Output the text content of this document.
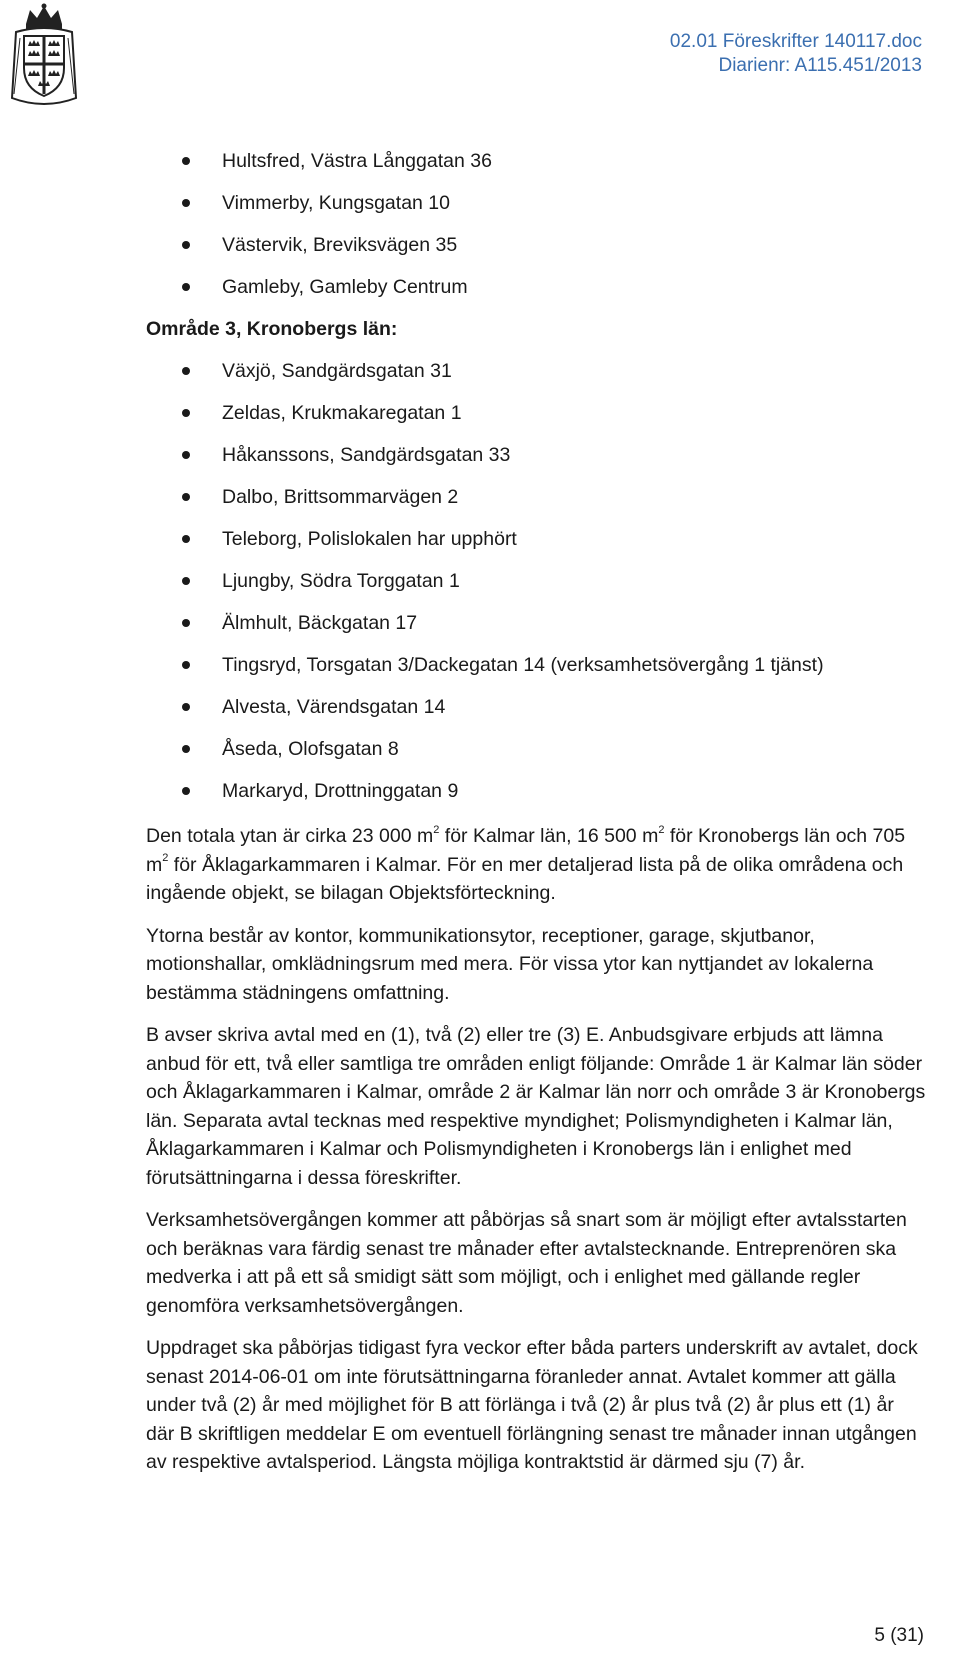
02.01 Föreskrifter 140117.doc
Diarienr: A115.451/2013
Hultsfred, Västra Långgatan 36
Vimmerby, Kungsgatan 10
Västervik, Breviksvägen 35
Gamleby, Gamleby Centrum
Område 3, Kronobergs län:
Växjö, Sandgärdsgatan 31
Zeldas, Krukmakaregatan 1
Håkanssons, Sandgärdsgatan 33
Dalbo, Brittsommarvägen 2
Teleborg, Polislokalen har upphört
Ljungby, Södra Torggatan 1
Älmhult, Bäckgatan 17
Tingsryd, Torsgatan 3/Dackegatan 14 (verksamhetsövergång 1 tjänst)
Alvesta, Värendsgatan 14
Åseda, Olofsgatan 8
Markaryd, Drottninggatan 9

Den totala ytan är cirka 23 000 $m^2$ för Kalmar län, 16 500 $m^2$ för Kronobergs län och 705 $m^2$ för Åklagarkammaren i Kalmar. För en mer detaljerad lista på de olika områdena och ingående objekt, se bilagan Objektsförteckning.

Ytorna består av kontor, kommunikationsytor, receptioner, garage, skjutbanor, motionshallar, omklädningsrum med mera. För vissa ytor kan nyttjandet av lokalerna bestämma städningens omfattning.

B avser skriva avtal med en (1), två (2) eller tre (3) E. Anbudsgivare erbjuds att lämna anbud för ett, två eller samtliga tre områden enligt följande: Område 1 är Kalmar län söder och Åklagarkammaren i Kalmar, område 2 är Kalmar län norr och område 3 är Kronobergs län. Separata avtal tecknas med respektive myndighet; Polismyndigheten i Kalmar län, Åklagarkammaren i Kalmar och Polismyndigheten i Kronobergs län i enlighet med förutsättningarna i dessa föreskrifter.

Verksamhetsövergången kommer att påbörjas så snart som är möjligt efter avtalsstarten och beräknas vara färdig senast tre månader efter avtalstecknande. Entreprenören ska medverka i att på ett så smidigt sätt som möjligt, och i enlighet med gällande regler genomföra verksamhetsövergången.

Uppdraget ska påbörjas tidigast fyra veckor efter båda parters underskrift av avtalet, dock senast 2014-06-01 om inte förutsättningarna föranleder annat. Avtalet kommer att gälla under två (2) år med möjlighet för B att förlänga i två (2) år plus två (2) år plus ett (1) år där B skriftligen meddelar E om eventuell förlängning senast tre månader innan utgången av respektive avtalsperiod. Längsta möjliga kontraktstid är därmed sju (7) år.

5 (31)
